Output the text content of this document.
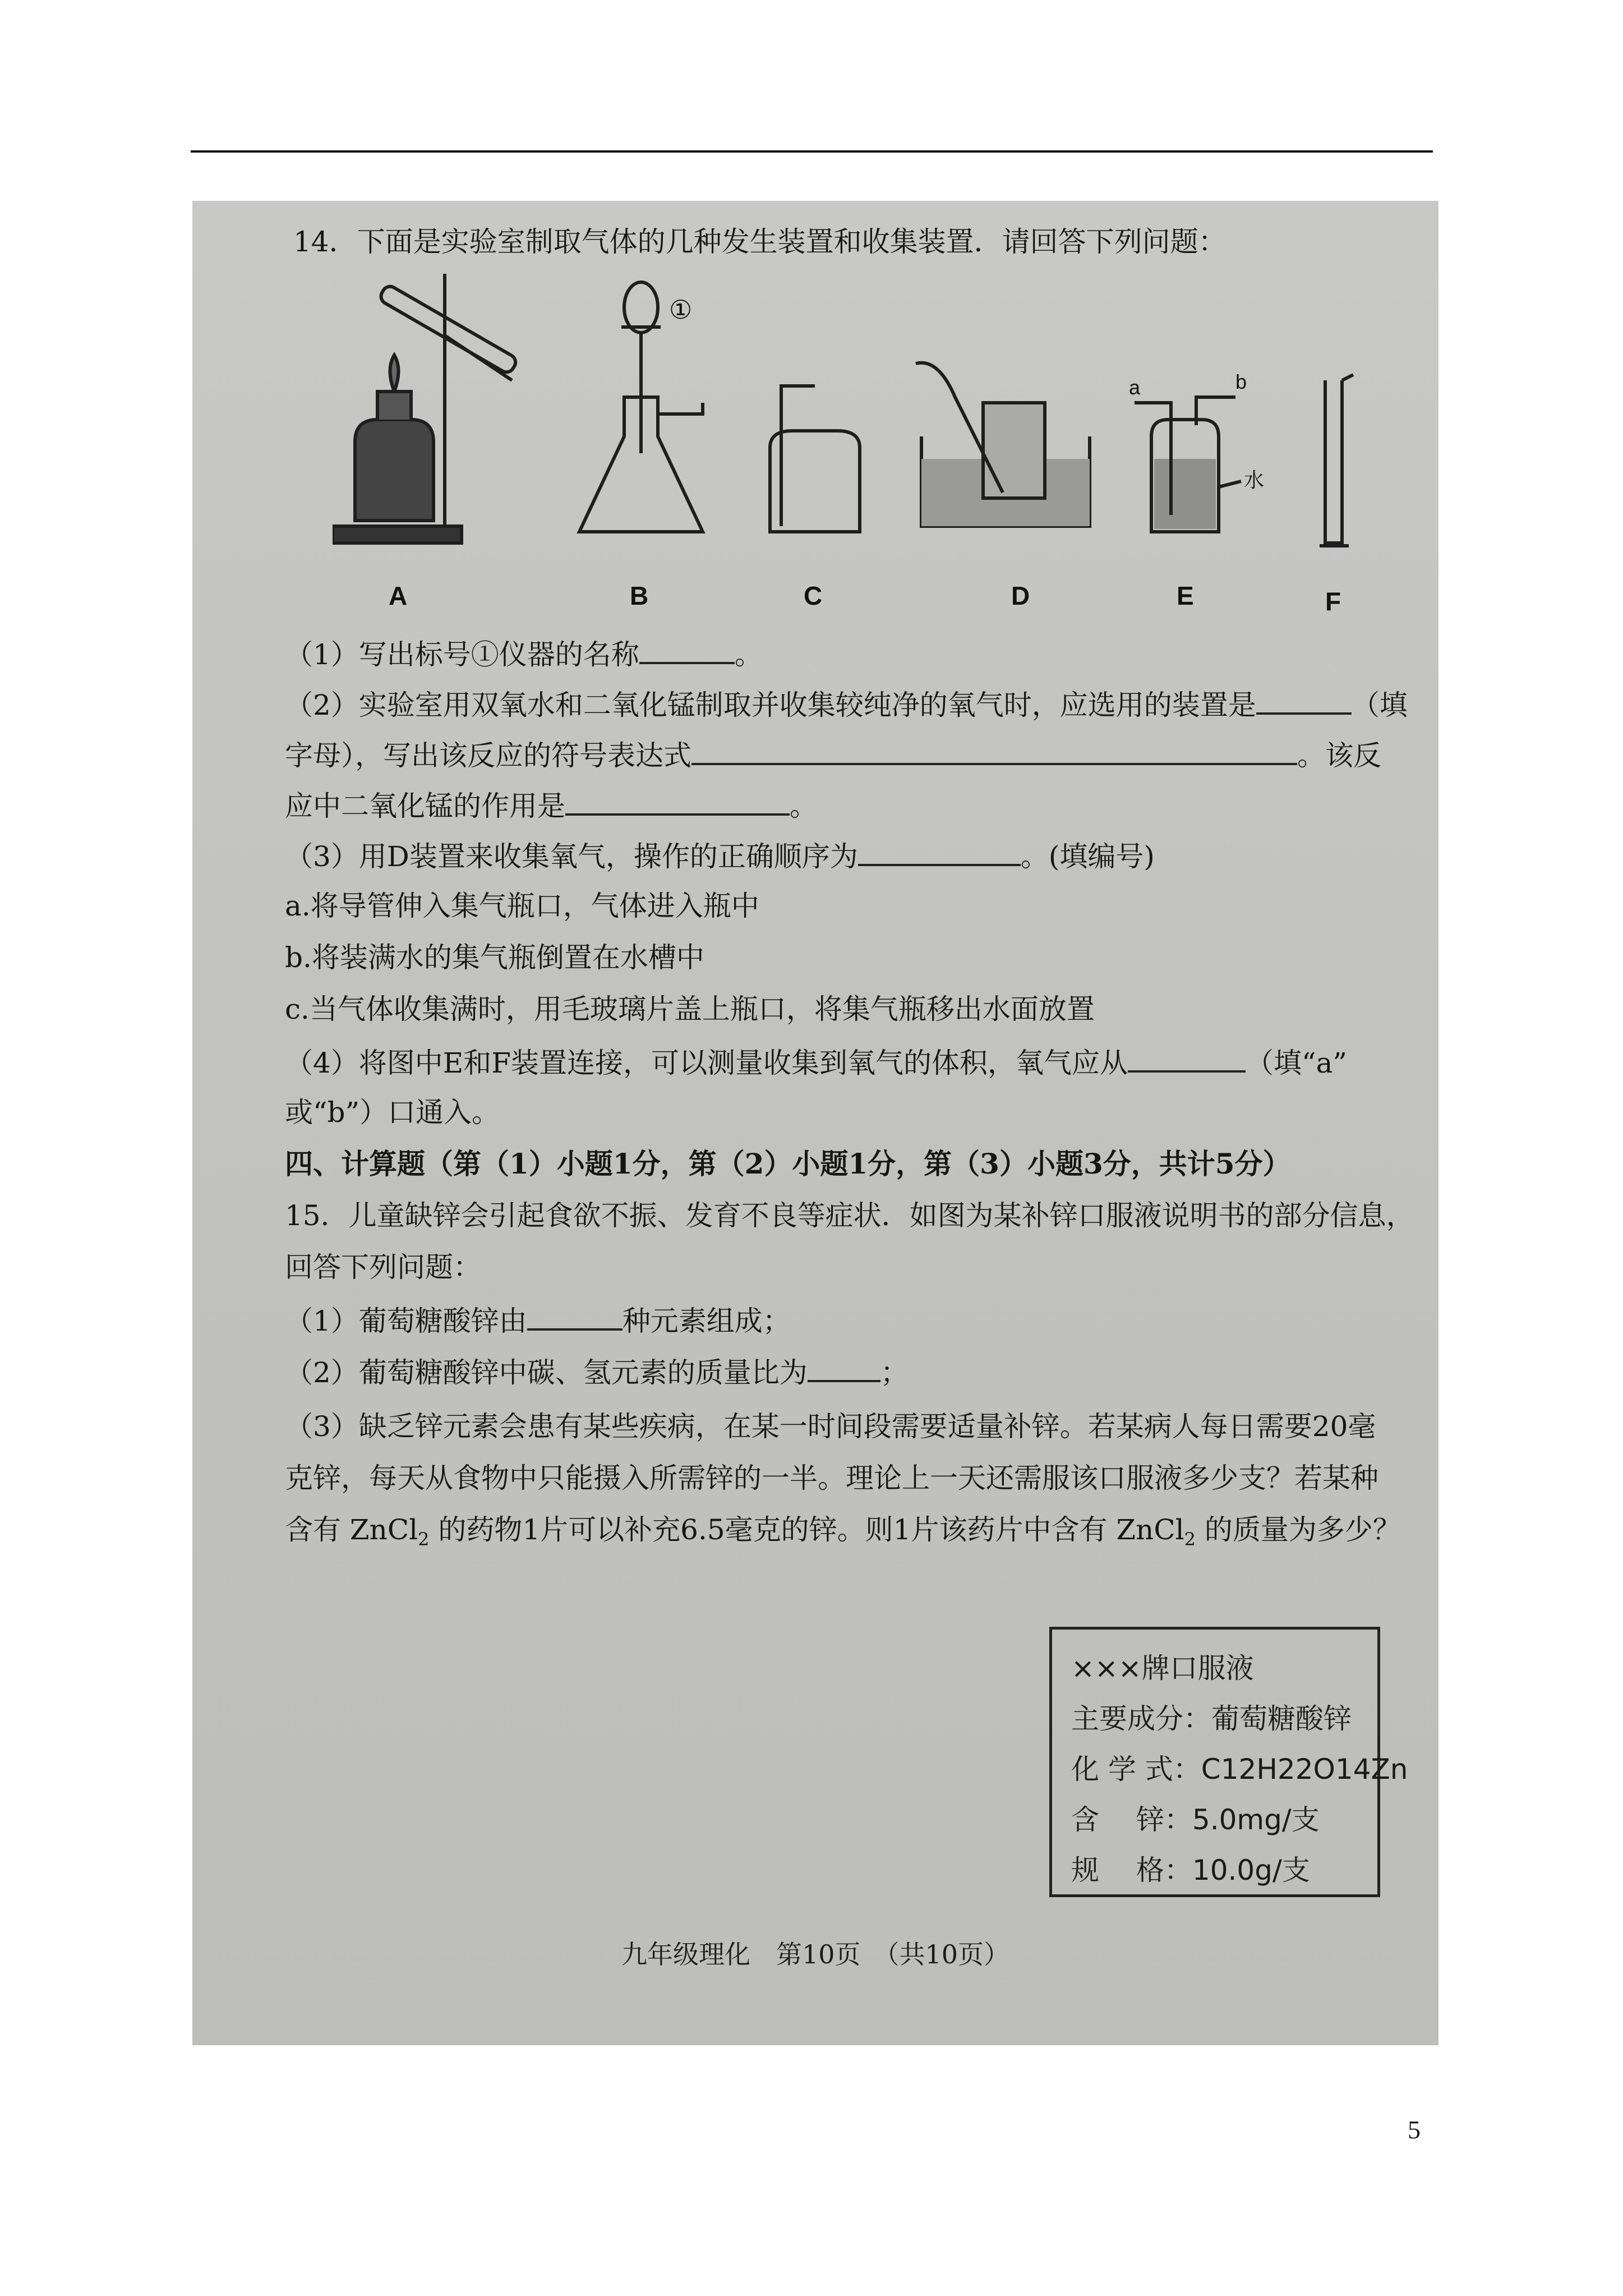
14．下面是实验室制取气体的几种发生装置和收集装置．请回答下列问题：
A	B	C	D	E	F
①
a	b
水
（1）写出标号①仪器的名称	。
（2）实验室用双氧水和二氧化锰制取并收集较纯净的氧气时，应选用的装置是	（填
字母），写出该反应的符号表达式	。该反
应中二氧化锰的作用是	。
（3）用D装置来收集氧气，操作的正确顺序为	。(填编号)
a.将导管伸入集气瓶口，气体进入瓶中
b.将装满水的集气瓶倒置在水槽中
c.当气体收集满时，用毛玻璃片盖上瓶口，将集气瓶移出水面放置
（4）将图中E和F装置连接，可以测量收集到氧气的体积，氧气应从	（填“a”
或“b”）口通入。
四、计算题（第（1）小题1分，第（2）小题1分，第（3）小题3分，共计5分）
15．儿童缺锌会引起食欲不振、发育不良等症状．如图为某补锌口服液说明书的部分信息，
回答下列问题：
（1）葡萄糖酸锌由	种元素组成；
（2）葡萄糖酸锌中碳、氢元素的质量比为	；
（3）缺乏锌元素会患有某些疾病，在某一时间段需要适量补锌。若某病人每日需要20毫
克锌，每天从食物中只能摄入所需锌的一半。理论上一天还需服该口服液多少支？若某种
含有 ZnCl$_2$ 的药物1片可以补充6.5毫克的锌。则1片该药片中含有 ZnCl$_2$ 的质量为多少？
×××牌口服液
主要成分：葡萄糖酸锌
化 学 式：C12H22O14Zn
含　 锌：5.0mg/支
规　 格：10.0g/支
九年级理化　第10页　（共10页）
5
